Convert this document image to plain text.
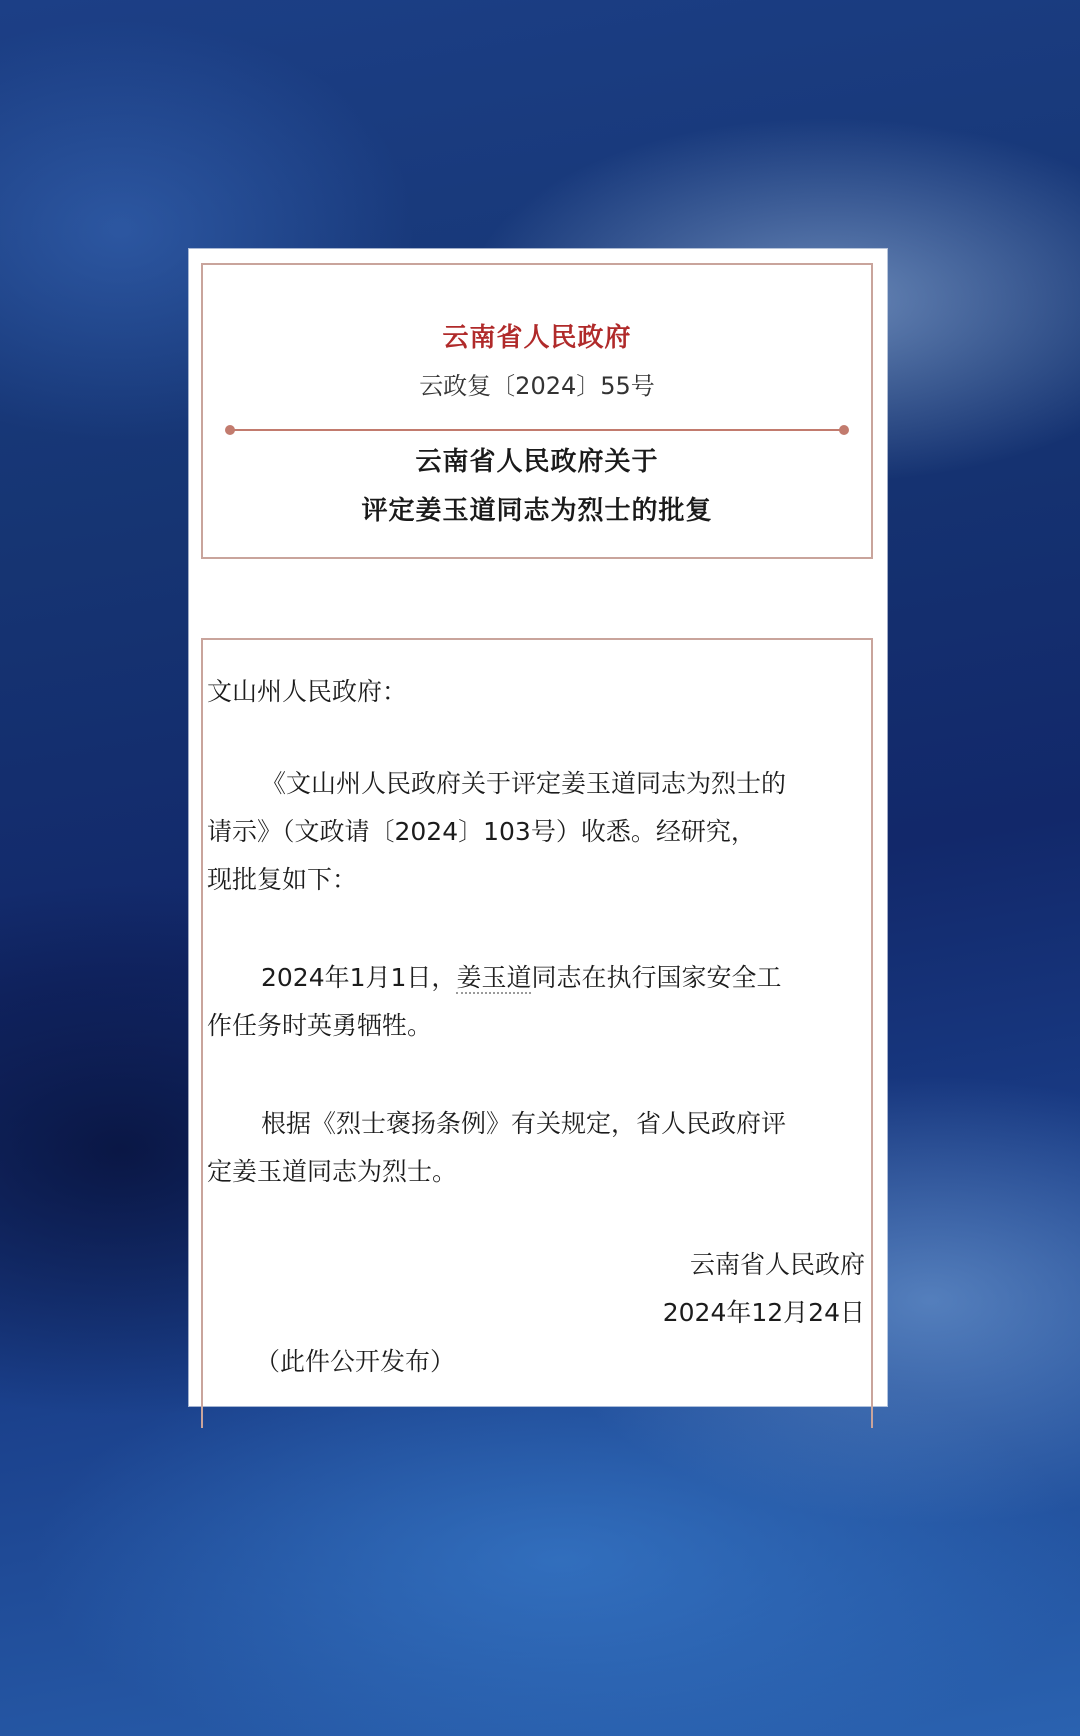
云南省人民政府
云政复〔2024〕55号
云南省人民政府关于
评定姜玉道同志为烈士的批复
文山州人民政府：
《文山州人民政府关于评定姜玉道同志为烈士的
请示》（文政请〔2024〕103号）收悉。经研究，
现批复如下：
2024年1月1日，姜玉道同志在执行国家安全工
作任务时英勇牺牲。
根据《烈士褒扬条例》有关规定，省人民政府评
定姜玉道同志为烈士。
云南省人民政府
2024年12月24日
（此件公开发布）
